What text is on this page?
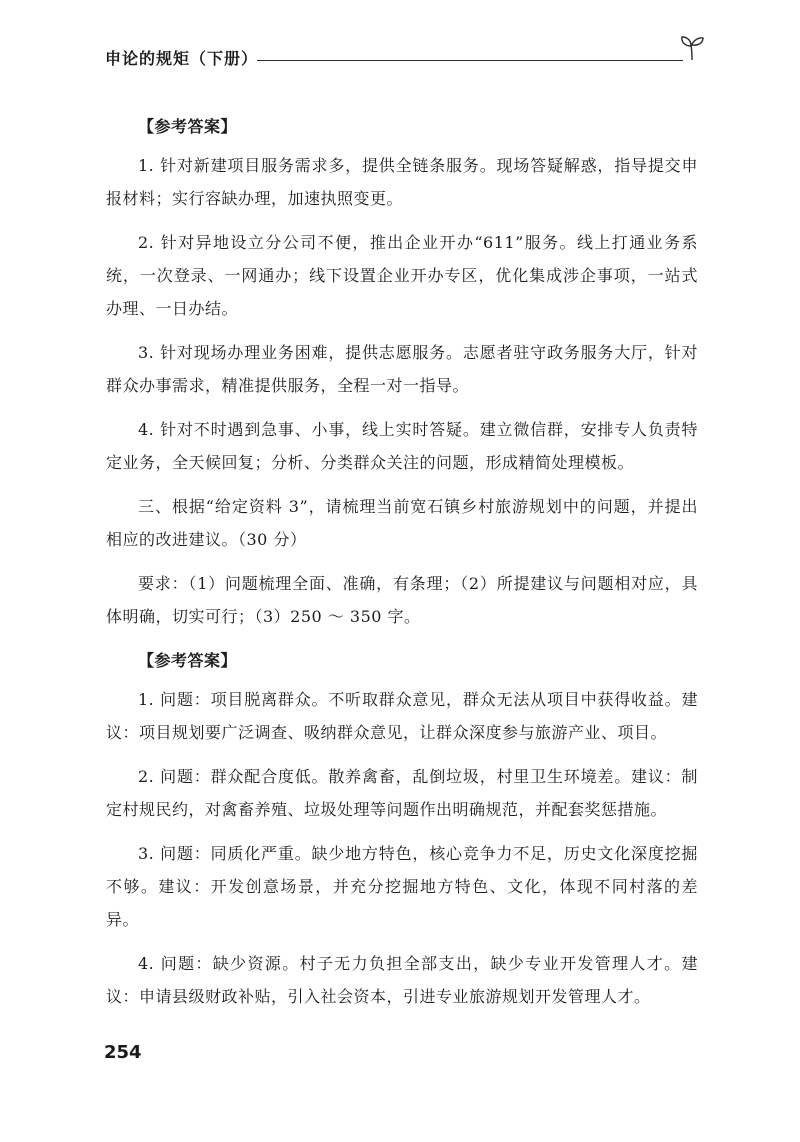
申论的规矩（下册）

【参考答案】

1. 针对新建项目服务需求多，提供全链条服务。现场答疑解惑，指导提交申报材料；实行容缺办理，加速执照变更。

2. 针对异地设立分公司不便，推出企业开办“611”服务。线上打通业务系统，一次登录、一网通办；线下设置企业开办专区，优化集成涉企事项，一站式办理、一日办结。

3. 针对现场办理业务困难，提供志愿服务。志愿者驻守政务服务大厅，针对群众办事需求，精准提供服务，全程一对一指导。

4. 针对不时遇到急事、小事，线上实时答疑。建立微信群，安排专人负责特定业务，全天候回复；分析、分类群众关注的问题，形成精简处理模板。

三、根据“给定资料 3”，请梳理当前宽石镇乡村旅游规划中的问题，并提出相应的改进建议。（30 分）

要求：（1）问题梳理全面、准确，有条理；（2）所提建议与问题相对应，具体明确，切实可行；（3）250 ～ 350 字。

【参考答案】

1. 问题：项目脱离群众。不听取群众意见，群众无法从项目中获得收益。建议：项目规划要广泛调查、吸纳群众意见，让群众深度参与旅游产业、项目。

2. 问题：群众配合度低。散养禽畜，乱倒垃圾，村里卫生环境差。建议：制定村规民约，对禽畜养殖、垃圾处理等问题作出明确规范，并配套奖惩措施。

3. 问题：同质化严重。缺少地方特色，核心竞争力不足，历史文化深度挖掘不够。建议：开发创意场景，并充分挖掘地方特色、文化，体现不同村落的差异。

4. 问题：缺少资源。村子无力负担全部支出，缺少专业开发管理人才。建议：申请县级财政补贴，引入社会资本，引进专业旅游规划开发管理人才。

254
